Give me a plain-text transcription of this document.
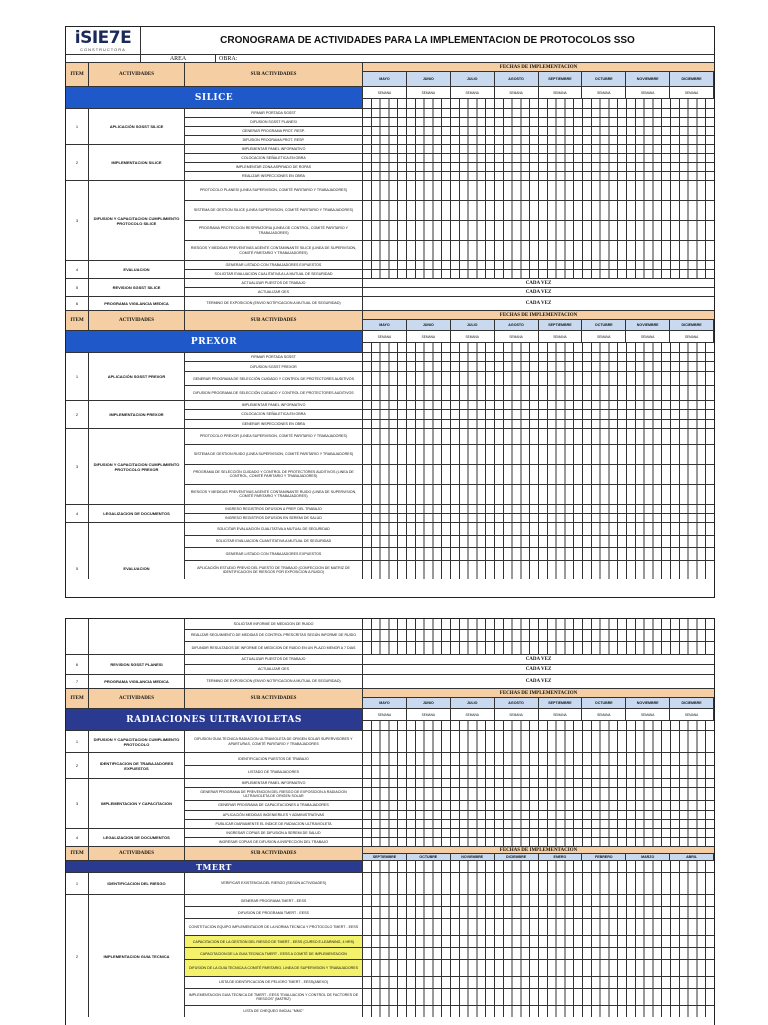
iSIE7E
CONSTRUCTORA
CRONOGRAMA DE ACTIVIDADES PARA LA IMPLEMENTACION DE PROTOCOLOS SSO
AREA	OBRA:
ITEM	ACTIVIDADES	SUB ACTIVIDADES
FECHAS DE IMPLEMENTACION
MAYO	JUNIO	JULIO	AGOSTO	SEPTIEMBRE	OCTUBRE	NOVIEMBRE	DICIEMBRE
SILICE	SEMANA	SEMANA	SEMANA	SEMANA	SEMANA	SEMANA	SEMANA	SEMANA
1	APLICACIÓN SGSST SILICE
FIRMAR PORTADA SGSST
DIFUSION SGSST PLANESI
GENERAR PROGRAMA PROT. RESP.
DIFUSION PROGRAMA PROT. RESP.
2	IMPLEMENTACION SILICE
IMPLEMENTAR PANEL INFORMATIVO
COLOCACION SEÑALETICA EN OBRA
IMPLEMENTAR ZONA ASPIRADO DE ROPAS
REALIZAR INSPECCIONES EN OBRA
3	DIFUSION Y CAPACITACION CUMPLIMIENTO PROTOCOLO SILICE
PROTOCOLO PLANESI (LINEA SUPERVISION, COMITÉ PARITARIO Y TRABAJADORES)
SISTEMA DE GESTION SILICE (LINEA SUPERVISION, COMITÉ PARITARIO Y TRABAJADORES)
PROGRAMA PROTECCION RESPIRATORIA (LINEA DE CONTROL, COMITÉ PARITARIO Y TRABAJADORES)
RIESGOS Y MEDIDAS PREVENTIVAS AGENTE CONTAMINANTE SILICE (LINEA DE SUPERVISION, COMITÉ PARITARIO Y TRABAJADORES)
4	EVALUACION
GENERAR LISTADO CON TRABAJADORES EXPUESTOS
SOLICITAR EVALUACION CUALITATIVA A LA MUTUAL DE SEGURIDAD
5	REVISION SGSST SILICE
ACTUALIZAR PUESTOS DE TRABAJO	CADA VEZ
ACTUALIZAR GES	CADA VEZ
6	PROGRAMA VIGILANCIA MEDICA	TERMINO DE EXPOSICION (ENVIO NOTIFICACION A MUTUAL DE SEGURIDAD)	CADA VEZ
ITEM	ACTIVIDADES	SUB ACTIVIDADES
FECHAS DE IMPLEMENTACION
MAYO	JUNIO	JULIO	AGOSTO	SEPTIEMBRE	OCTUBRE	NOVIEMBRE	DICIEMBRE
PREXOR	SEMANA	SEMANA	SEMANA	SEMANA	SEMANA	SEMANA	SEMANA	SEMANA
1	APLICACIÓN SGSST PREXOR
FIRMAR PORTADA SGSST
DIFUSION SGSST PREXOR
GENERAR PROGRAMA DE SELECCIÓN CUIDADO Y CONTROL DE PROTECTORES AUDITIVOS
DIFUSION PROGRAMA DE SELECCIÓN CUIDADO Y CONTROL DE PROTECTORES AUDITIVOS
2	IMPLEMENTACION PREXOR
IMPLEMENTAR PANEL INFORMATIVO
COLOCACION SEÑALETICA EN OBRA
GENERAR INSPECCIONES EN OBRA
3	DIFUSION Y CAPACITACION CUMPLIMIENTO PROTOCOLO PREXOR
PROTOCOLO PREXOR (LINEA SUPERVISION, COMITÉ PARITARIO Y TRABAJADORES)
SISTEMA DE GESTION RUIDO (LINEA SUPERVISION, COMITÉ PARITARIO Y TRABAJADORES)
PROGRAMA DE SELECCIÓN CUIDADO Y CONTROL DE PROTECTORES AUDITIVOS (LINEA DE CONTROL, COMITÉ PARITARIO Y TRABAJADORES)
RIESGOS Y MEDIDAS PREVENTIVAS AGENTE CONTAMINANTE RUIDO (LINEA DE SUPERVISION, COMITÉ PARITARIO Y TRABAJADORES)
4	LEGALIZACION DE DOCUMENTOS
INGRESO REGISTROS DIFUSION A PREP. DEL TRABAJO
INGRESO REGISTROS DIFUSION EN SEREMI DE SALUD
5	EVALUACION
SOLICITAR EVALUACION CUALITATIVA A MUTUAL DE SEGURIDAD
SOLICITAR EVALUACION CUANTITATIVA A MUTUAL DE SEGURIDAD
GENERAR LISTADO CON TRABAJADORES EXPUESTOS
APLICACIÓN ESTUDIO PREVIO DEL PUESTO DE TRABAJO (CONFECCION DE MATRIZ DE IDENTIFICACION DE RIESGOS POR EXPOSICION A RUIDO)
SOLICITAR INFORME DE MEDICION DE RUIDO
REALIZAR SEGUIMIENTO DE MEDIDAS DE CONTROL PRESCRITAS SEGÚN INFORME DE RUIDO
DIFUNDIR RESULTADOS DE INFORME DE MEDICION DE RUIDO EN UN PLAZO MENOR A 7 DIAS
6	REVISION SGSST PLANESI
ACTUALIZAR PUESTOS DE TRABAJO	CADA VEZ
ACTUALIZAR GES	CADA VEZ
7	PROGRAMA VIGILANCIA MEDICA	TERMINO DE EXPOSICION (ENVIO NOTIFICACION A MUTUAL DE SEGURIDAD)	CADA VEZ
ITEM	ACTIVIDADES	SUB ACTIVIDADES
FECHAS DE IMPLEMENTACION
MAYO	JUNIO	JULIO	AGOSTO	SEPTIEMBRE	OCTUBRE	NOVIEMBRE	DICIEMBRE
RADIACIONES ULTRAVIOLETAS	SEMANA	SEMANA	SEMANA	SEMANA	SEMANA	SEMANA	SEMANA	SEMANA
1	DIFUSION Y CAPACITACION CUMPLIMIENTO PROTOCOLO
DIFUSION GUIA TECNICA RADIACION ULTRAVIOLETA DE ORIGEN SOLAR SUPERVISORES Y APARTURAS, COMITÉ PARITARIO Y TRABAJADORES
2	IDENTIFICACION DE TRABAJADORES EXPUESTOS
IDENTIFICACION PUESTOS DE TRABAJO
LISTADO DE TRABAJADORES
3	IMPLEMENTACION Y CAPACITACION
IMPLEMENTAR PANEL INFORMATIVO
GENERAR PROGRAMA DE PREVENCION DEL RIESGO DE EXPOSICION A RADIACION ULTRAVIOLETA DE ORIGEN SOLAR
GENERAR PROGRAMA DE CAPACITACIONES A TRABAJADORES
APLICACIÓN MEDIDAS INGENIERILES Y ADMINISTRATIVAS
PUBLICAR DIARIAMENTE EL INDICE DE RADIACION ULTRAVIOLETA
4	LEGALIZACION DE DOCUMENTOS
INGRESAR COPIAS DE DIFUSION A SEREMI DE SALUD
INGRESAR COPIAS DE DIFUSION A INSPECCION DEL TRABAJO
ITEM	ACTIVIDADES	SUB ACTIVIDADES
FECHAS DE IMPLEMENTACION
SEPTIEMBRE	OCTUBRE	NOVIEMBRE	DICIEMBRE	ENERO	FEBRERO	MARZO	ABRIL
TMERT
1	IDENTIFICACION DEL RIESGO	VERIFICAR EXISTENCIA DEL RIESGO (SEGÚN ACTIVIDADES)
2	IMPLEMENTACION GUIA TECNICA
GENERAR PROGRAMA TMERT - EESS
DIFUSION DE PROGRAMA TMERT - EESS
CONSTITUCION EQUIPO IMPLEMENTADOR DE LA NORMA TECNICA Y PROTOCOLO TMERT - EESS
CAPACITACION DE LA GESTION DEL RIESGO DE TMERT - EESS (CURSO E-LEARNING, 4 HRS)
CAPACITACION DE LA GUIA TECNICA TMERT - EESS A COMITÉ DE IMPLEMENTACION
DIFUSION DE LA GUIA TECNICA A COMITÉ PARITARIO, LINEA DE SUPERVISION Y TRABAJADORES
LISTA DE IDENTIFICACION DE PELIGRO TMERT - EESS(ANEXO)
IMPLEMENTACION GUIA TECNICA DE TMERT - EESS "EVALUACION Y CONTROL DE FACTORES DE RIESGOS" (MATRIZ)
LISTA DE CHEQUEO INICIAL "MMC"
